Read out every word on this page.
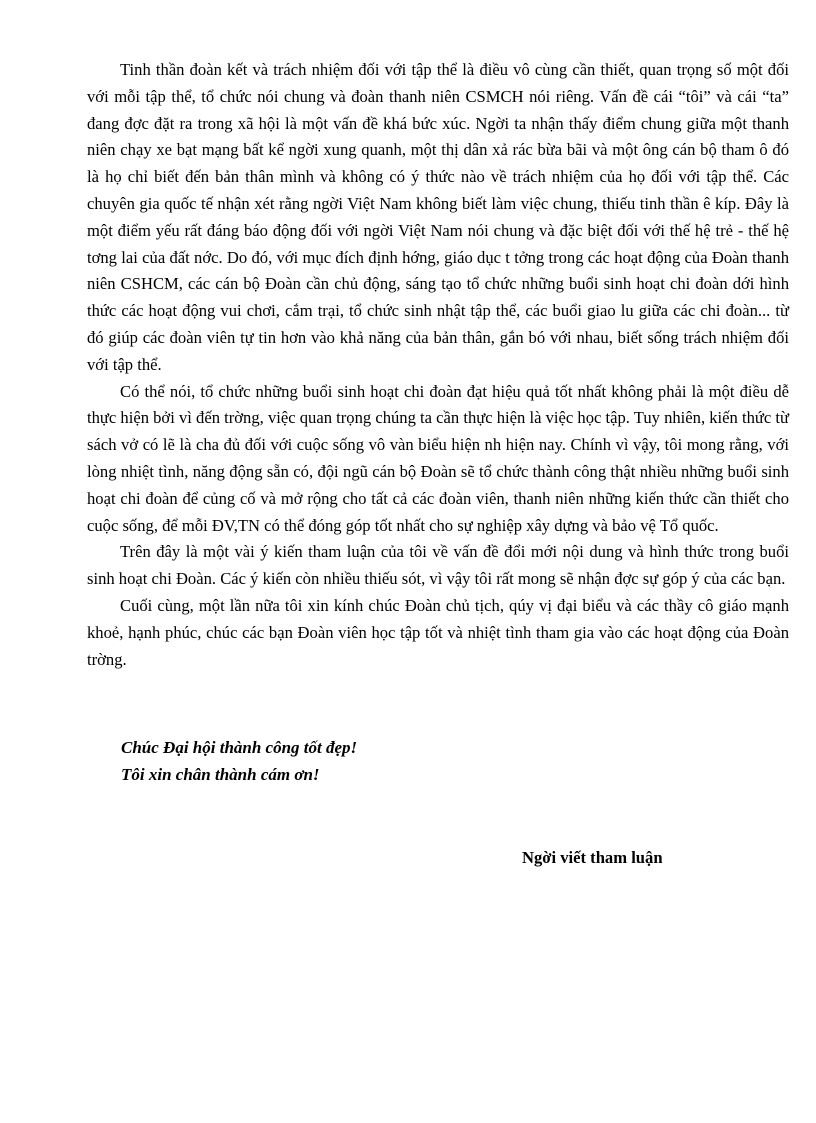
Tinh thần đoàn kết và trách nhiệm đối với tập thể là điều vô cùng cần thiết, quan trọng số một đối với mỗi tập thể, tổ chức nói chung và đoàn thanh niên CSMCH nói riêng. Vấn đề cái “tôi” và cái “ta” đang đợc đặt ra trong xã hội là một vấn đề khá bức xúc. Ngời ta nhận thấy điểm chung giữa một thanh niên chạy xe bạt mạng bất kể ngời xung quanh, một thị dân xả rác bừa bãi và một ông cán bộ tham ô đó là họ chỉ biết đến bản thân mình và không có ý thức nào về trách nhiệm của họ đối với tập thể. Các chuyên gia quốc tế nhận xét rằng ngời Việt Nam không biết làm việc chung, thiếu tinh thần ê kíp. Đây là một điểm yếu rất đáng báo động đối với ngời Việt Nam nói chung và đặc biệt đối với thế hệ trẻ - thế hệ tơng lai của đất nớc. Do đó, với mục đích định hớng, giáo dục t tởng trong các hoạt động của Đoàn thanh niên CSHCM, các cán bộ Đoàn cần chủ động, sáng tạo tổ chức những buổi sinh hoạt chi đoàn dới hình thức các hoạt động vui chơi, cắm trại, tổ chức sinh nhật tập thể, các buổi giao lu giữa các chi đoàn... từ đó giúp các đoàn viên tự tin hơn vào khả năng của bản thân, gắn bó với nhau, biết sống trách nhiệm đối với tập thể.

Có thể nói, tổ chức những buổi sinh hoạt chi đoàn đạt hiệu quả tốt nhất không phải là một điều dễ thực hiện bởi vì đến trờng, việc quan trọng chúng ta cần thực hiện là việc học tập. Tuy nhiên, kiến thức từ sách vở có lẽ là cha đủ đối với cuộc sống vô vàn biểu hiện nh hiện nay. Chính vì vậy, tôi mong rằng, với lòng nhiệt tình, năng động sẵn có, đội ngũ cán bộ Đoàn sẽ tổ chức thành công thật nhiều những buổi sinh hoạt chi đoàn để củng cố và mở rộng cho tất cả các đoàn viên, thanh niên những kiến thức cần thiết cho cuộc sống, để mỗi ĐV,TN có thể đóng góp tốt nhất cho sự nghiệp xây dựng và bảo vệ Tổ quốc.

Trên đây là một vài ý kiến tham luận của tôi về vấn đề đổi mới nội dung và hình thức trong buổi sinh hoạt chi Đoàn. Các ý kiến còn nhiều thiếu sót, vì vậy tôi rất mong sẽ nhận đợc sự góp ý của các bạn.

Cuối cùng, một lần nữa tôi xin kính chúc Đoàn chủ tịch, qúy vị đại biểu và các thầy cô giáo mạnh khoẻ, hạnh phúc, chúc các bạn Đoàn viên học tập tốt và nhiệt tình tham gia vào các hoạt động của Đoàn trờng.

Chúc Đại hội thành công tốt đẹp!
Tôi xin chân thành cám ơn!
Ngời viết tham luận
